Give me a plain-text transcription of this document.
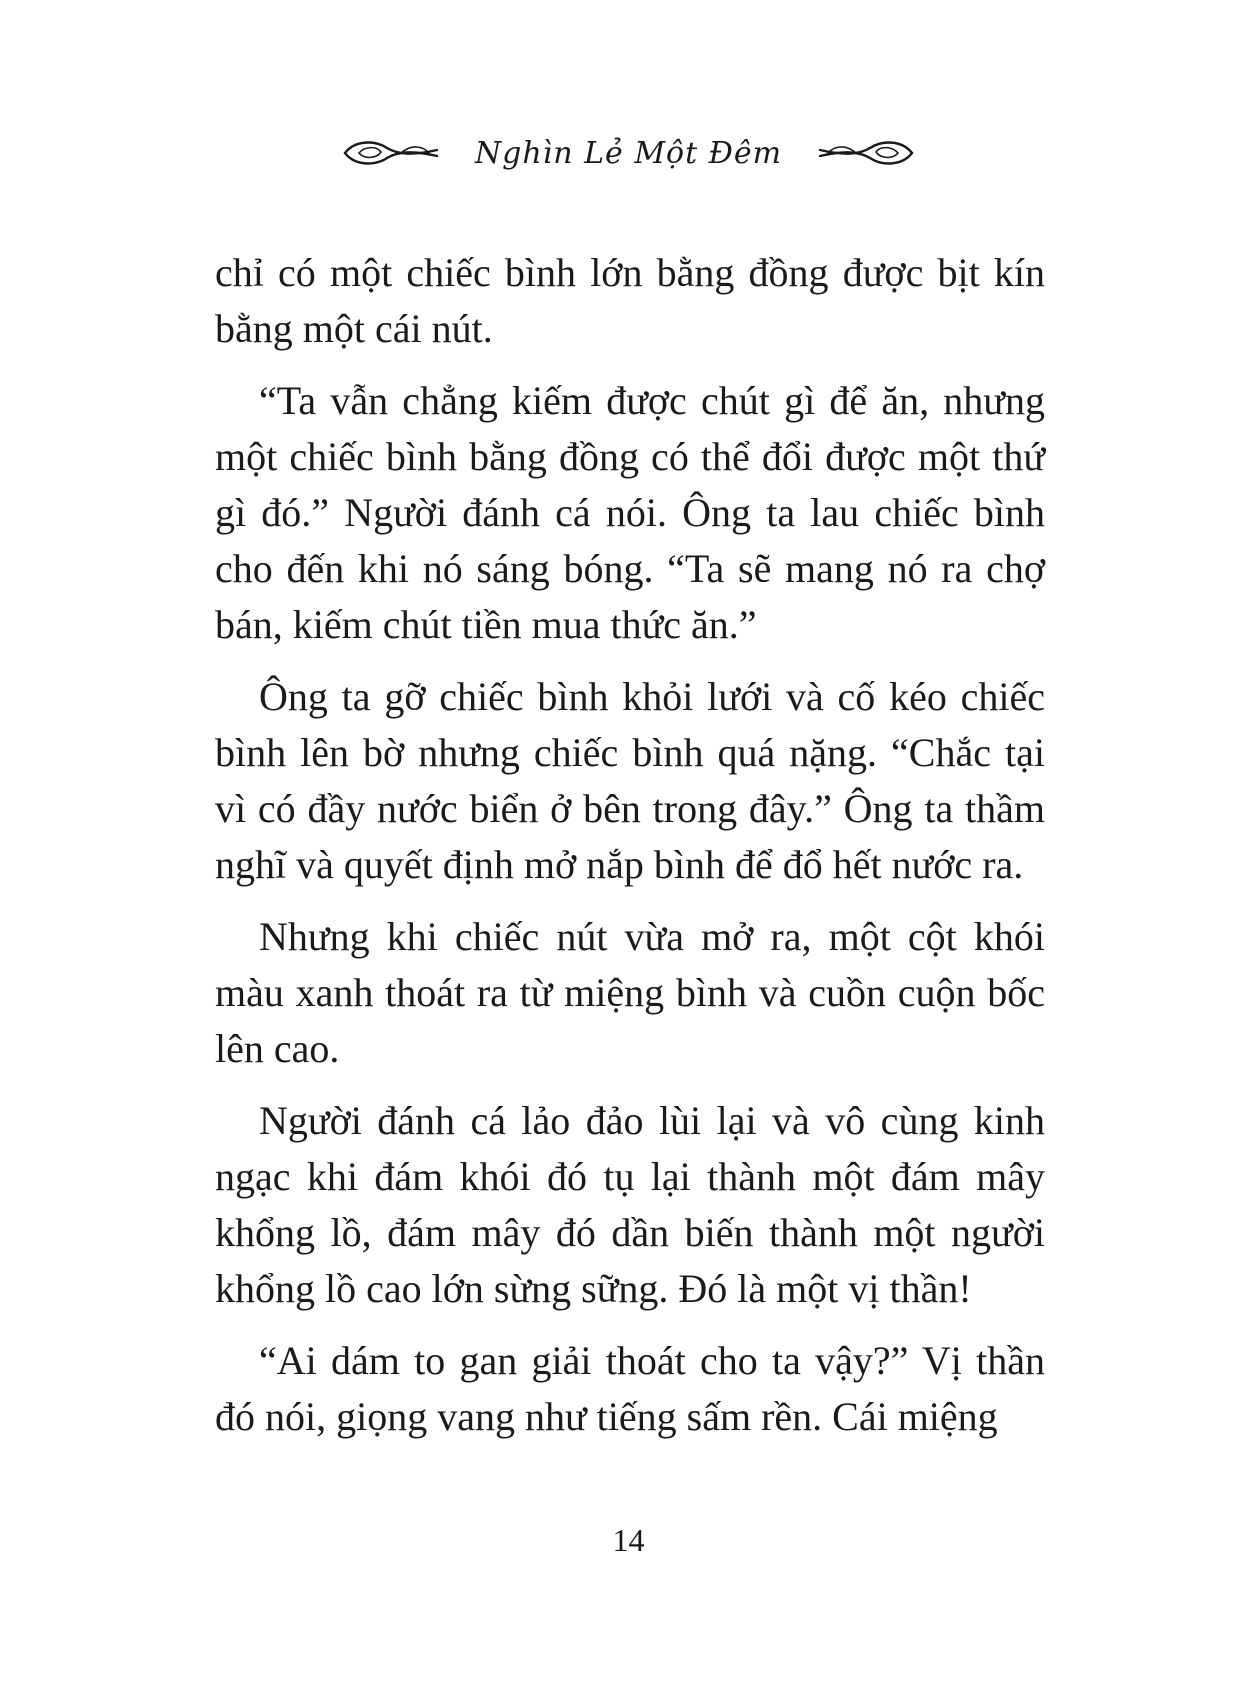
Nghìn Lẻ Một Đêm

chỉ có một chiếc bình lớn bằng đồng được bịt kín bằng một cái nút.

“Ta vẫn chẳng kiếm được chút gì để ăn, nhưng một chiếc bình bằng đồng có thể đổi được một thứ gì đó.” Người đánh cá nói. Ông ta lau chiếc bình cho đến khi nó sáng bóng. “Ta sẽ mang nó ra chợ bán, kiếm chút tiền mua thức ăn.”

Ông ta gỡ chiếc bình khỏi lưới và cố kéo chiếc bình lên bờ nhưng chiếc bình quá nặng. “Chắc tại vì có đầy nước biển ở bên trong đây.” Ông ta thầm nghĩ và quyết định mở nắp bình để đổ hết nước ra.

Nhưng khi chiếc nút vừa mở ra, một cột khói màu xanh thoát ra từ miệng bình và cuồn cuộn bốc lên cao.

Người đánh cá lảo đảo lùi lại và vô cùng kinh ngạc khi đám khói đó tụ lại thành một đám mây khổng lồ, đám mây đó dần biến thành một người khổng lồ cao lớn sừng sững. Đó là một vị thần!

“Ai dám to gan giải thoát cho ta vậy?” Vị thần đó nói, giọng vang như tiếng sấm rền. Cái miệng

14
